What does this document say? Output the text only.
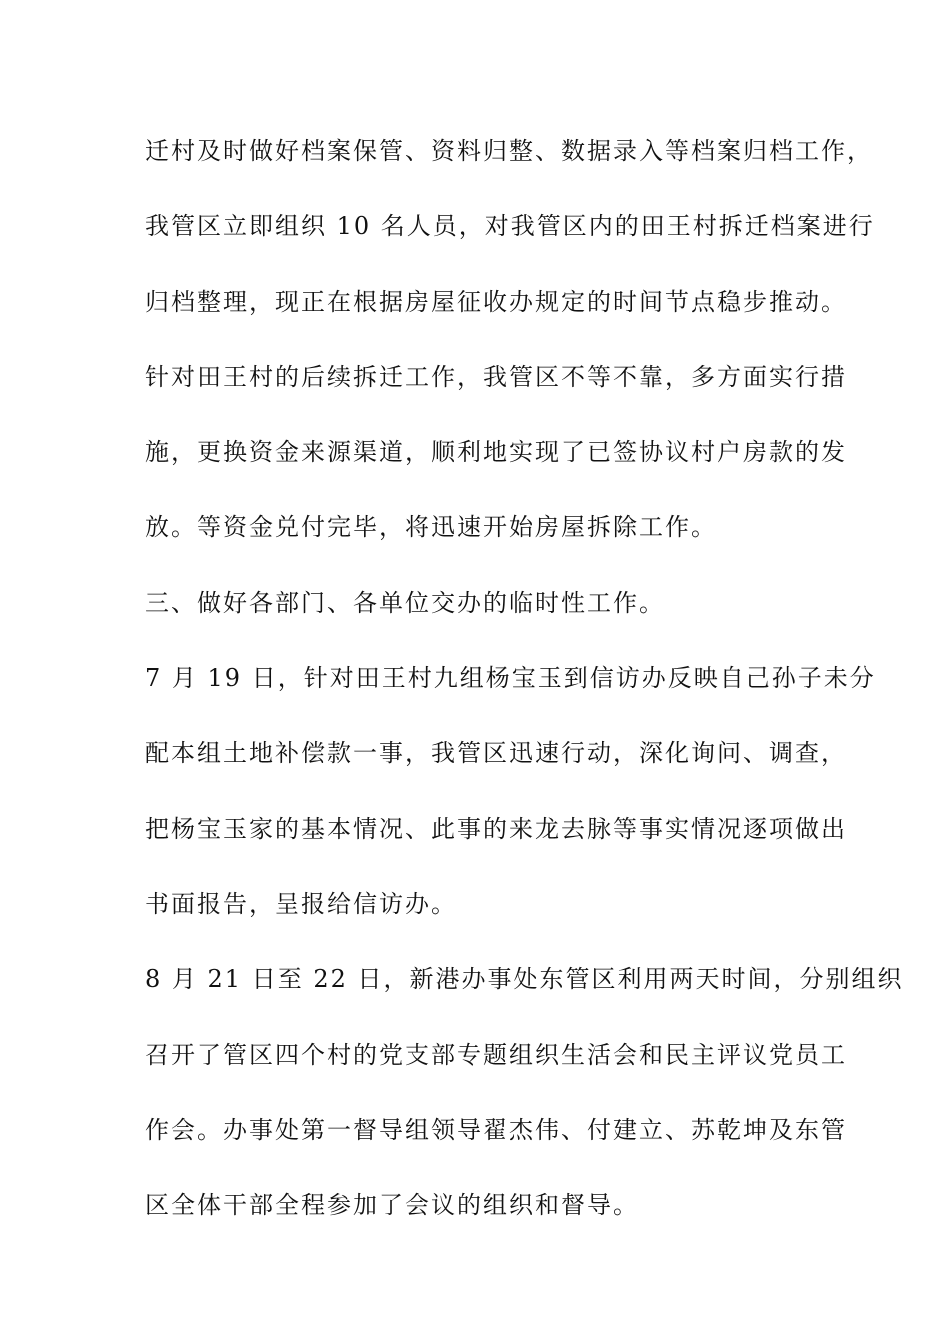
迁村及时做好档案保管、资料归整、数据录入等档案归档工作，
我管区立即组织 10 名人员，对我管区内的田王村拆迁档案进行
归档整理，现正在根据房屋征收办规定的时间节点稳步推动。
针对田王村的后续拆迁工作，我管区不等不靠，多方面实行措
施，更换资金来源渠道，顺利地实现了已签协议村户房款的发
放。等资金兑付完毕，将迅速开始房屋拆除工作。
三、做好各部门、各单位交办的临时性工作。
7 月 19 日，针对田王村九组杨宝玉到信访办反映自己孙子未分
配本组土地补偿款一事，我管区迅速行动，深化询问、调查，
把杨宝玉家的基本情况、此事的来龙去脉等事实情况逐项做出
书面报告，呈报给信访办。
8 月 21 日至 22 日，新港办事处东管区利用两天时间，分别组织
召开了管区四个村的党支部专题组织生活会和民主评议党员工
作会。办事处第一督导组领导翟杰伟、付建立、苏乾坤及东管
区全体干部全程参加了会议的组织和督导。
